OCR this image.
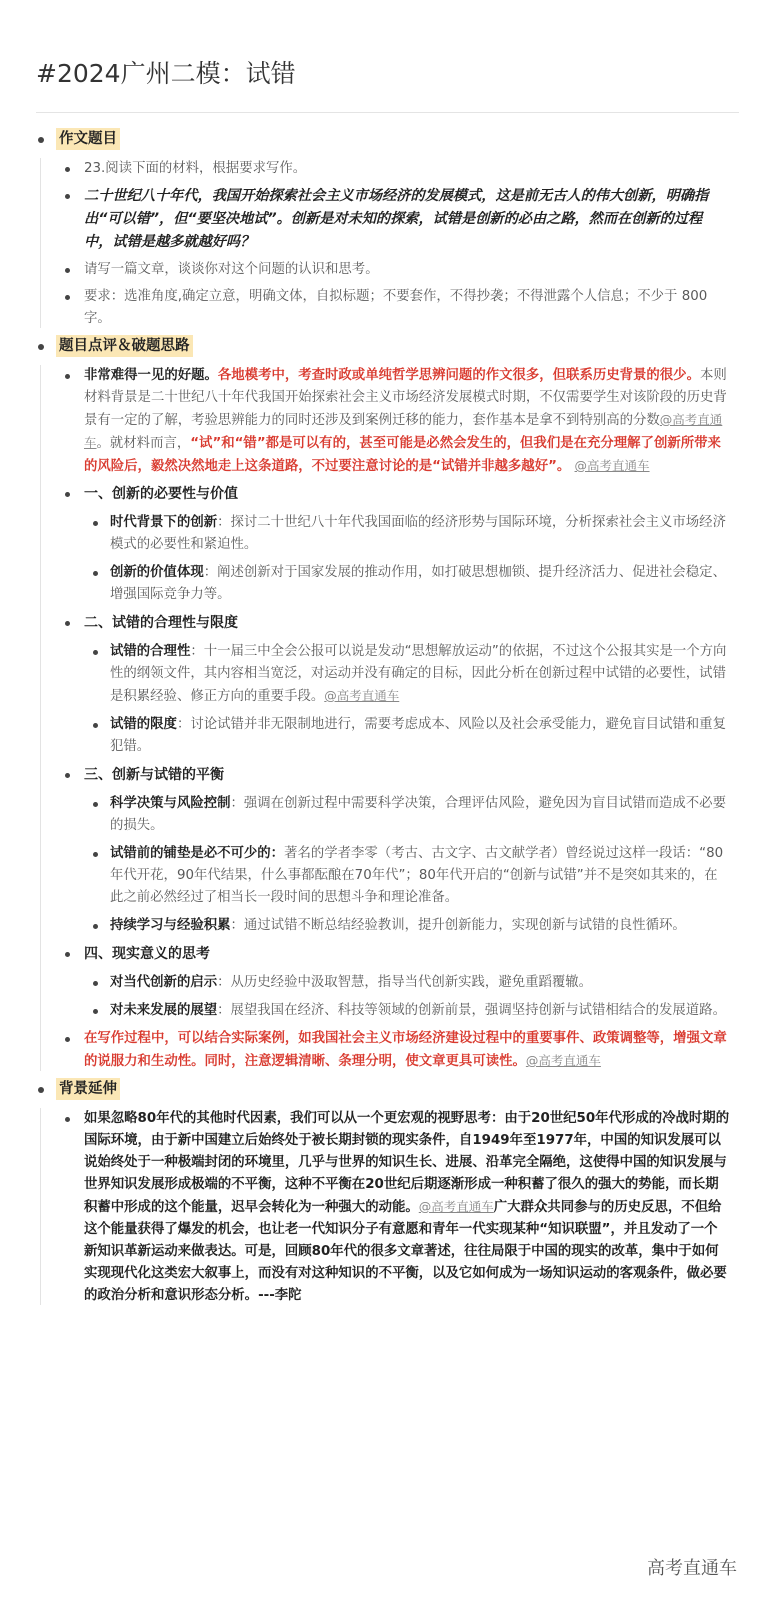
#2024广州二模：试错
作文题目
23.阅读下面的材料，根据要求写作。
二十世纪八十年代，我国开始探索社会主义市场经济的发展模式，这是前无古人的伟大创新，明确指出“可以错”，但“要坚决地试”。创新是对未知的探索，试错是创新的必由之路，然而在创新的过程中，试错是越多就越好吗？
请写一篇文章，谈谈你对这个问题的认识和思考。
要求：选准角度,确定立意，明确文体，自拟标题；不要套作，不得抄袭；不得泄露个人信息；不少于 800字。
题目点评＆破题思路
非常难得一见的好题。各地模考中，考查时政或单纯哲学思辨问题的作文很多，但联系历史背景的很少。本则材料背景是二十世纪八十年代我国开始探索社会主义市场经济发展模式时期，不仅需要学生对该阶段的历史背景有一定的了解，考验思辨能力的同时还涉及到案例迁移的能力，套作基本是拿不到特别高的分数@高考直通车。就材料而言，“试”和“错”都是可以有的，甚至可能是必然会发生的，但我们是在充分理解了创新所带来的风险后，毅然决然地走上这条道路，不过要注意讨论的是“试错并非越多越好”。 @高考直通车
一、创新的必要性与价值
时代背景下的创新：探讨二十世纪八十年代我国面临的经济形势与国际环境，分析探索社会主义市场经济模式的必要性和紧迫性。
创新的价值体现：阐述创新对于国家发展的推动作用，如打破思想枷锁、提升经济活力、促进社会稳定、增强国际竞争力等。
二、试错的合理性与限度
试错的合理性：十一届三中全会公报可以说是发动“思想解放运动”的依据，不过这个公报其实是一个方向性的纲领文件，其内容相当宽泛，对运动并没有确定的目标，因此分析在创新过程中试错的必要性，试错是积累经验、修正方向的重要手段。@高考直通车
试错的限度：讨论试错并非无限制地进行，需要考虑成本、风险以及社会承受能力，避免盲目试错和重复犯错。
三、创新与试错的平衡
科学决策与风险控制：强调在创新过程中需要科学决策，合理评估风险，避免因为盲目试错而造成不必要的损失。
试错前的铺垫是必不可少的：著名的学者李零（考古、古文字、古文献学者）曾经说过这样一段话：“80年代开花，90年代结果，什么事都酝酿在70年代”；80年代开启的“创新与试错”并不是突如其来的，在此之前必然经过了相当长一段时间的思想斗争和理论准备。
持续学习与经验积累：通过试错不断总结经验教训，提升创新能力，实现创新与试错的良性循环。
四、现实意义的思考
对当代创新的启示：从历史经验中汲取智慧，指导当代创新实践，避免重蹈覆辙。
对未来发展的展望：展望我国在经济、科技等领域的创新前景，强调坚持创新与试错相结合的发展道路。
在写作过程中，可以结合实际案例，如我国社会主义市场经济建设过程中的重要事件、政策调整等，增强文章的说服力和生动性。同时，注意逻辑清晰、条理分明，使文章更具可读性。@高考直通车
背景延伸
如果忽略80年代的其他时代因素，我们可以从一个更宏观的视野思考：由于20世纪50年代形成的冷战时期的国际环境，由于新中国建立后始终处于被长期封锁的现实条件，自1949年至1977年，中国的知识发展可以说始终处于一种极端封闭的环境里，几乎与世界的知识生长、进展、沿革完全隔绝，这使得中国的知识发展与世界知识发展形成极端的不平衡，这种不平衡在20世纪后期逐渐形成一种积蓄了很久的强大的势能，而长期积蓄中形成的这个能量，迟早会转化为一种强大的动能。@高考直通车广大群众共同参与的历史反思，不但给这个能量获得了爆发的机会，也让老一代知识分子有意愿和青年一代实现某种“知识联盟”，并且发动了一个新知识革新运动来做表达。可是，回顾80年代的很多文章著述，往往局限于中国的现实的改革，集中于如何实现现代化这类宏大叙事上，而没有对这种知识的不平衡，以及它如何成为一场知识运动的客观条件，做必要的政治分析和意识形态分析。---李陀
高考直通车
